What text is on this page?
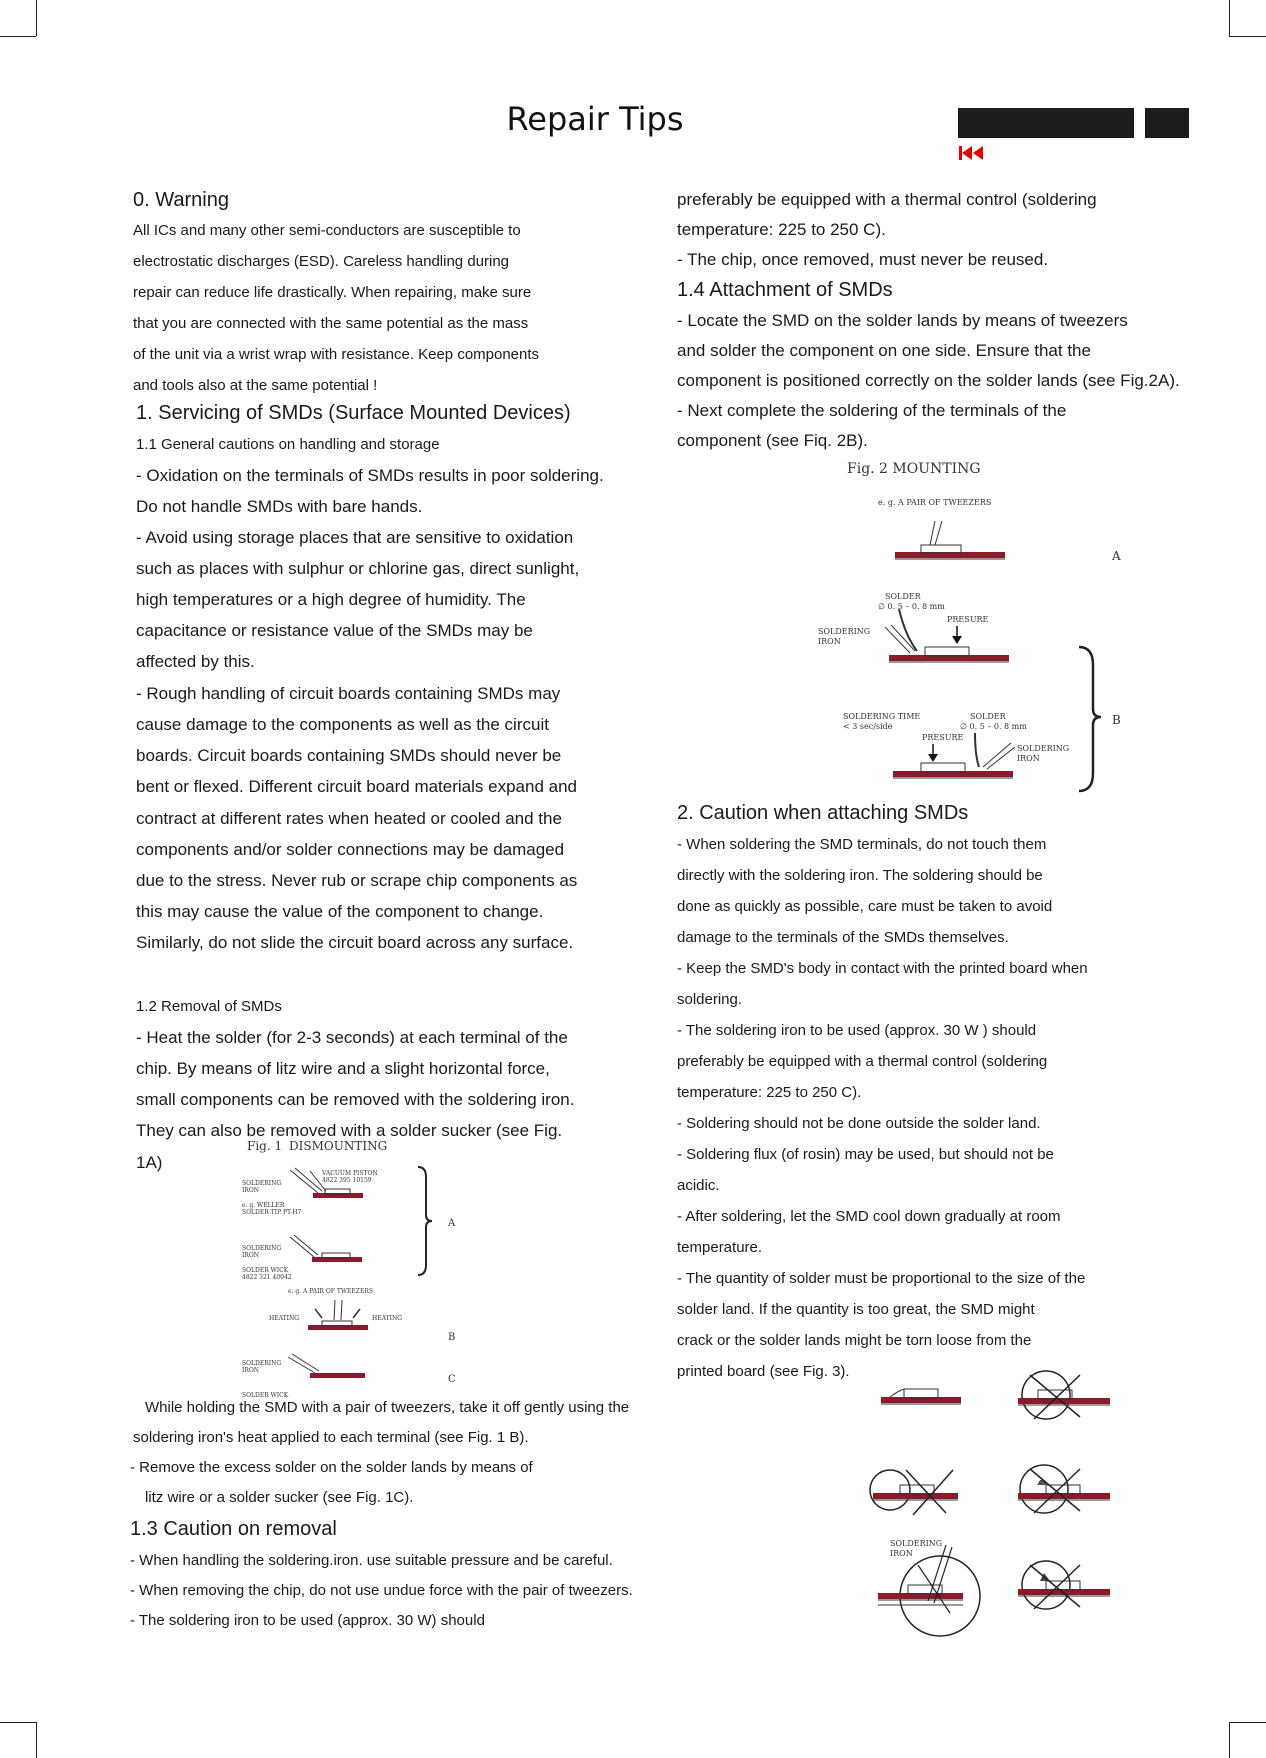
Repair Tips
0. Warning
All ICs and many other semi-conductors are susceptible to
electrostatic discharges (ESD). Careless handling during
repair can reduce life drastically. When repairing, make sure
that you are connected with the same potential as the mass
of the unit via a wrist wrap with resistance. Keep components
and tools also at the same potential !
1. Servicing of SMDs (Surface Mounted Devices)
1.1 General cautions on handling and storage
- Oxidation on the terminals of SMDs results in poor soldering.
Do not handle SMDs with bare hands.
- Avoid using storage places that are sensitive to oxidation
such as places with sulphur or chlorine gas, direct sunlight,
high temperatures or a high degree of humidity. The
capacitance or resistance value of the SMDs may be
affected by this.
- Rough handling of circuit boards containing SMDs may
cause damage to the components as well as the circuit
boards. Circuit boards containing SMDs should never be
bent or flexed. Different circuit board materials expand and
contract at different rates when heated or cooled and the
components and/or solder connections may be damaged
due to the stress. Never rub or scrape chip components as
this may cause the value of the component to change.
Similarly, do not slide the circuit board across any surface.
1.2 Removal of SMDs
- Heat the solder (for 2-3 seconds) at each terminal of the
chip. By means of litz wire and a slight horizontal force,
small components can be removed with the soldering iron.
They can also be removed with a solder sucker (see Fig.
1A)
Fig. 1 DISMOUNTING
VACUUM PISTON
4822 395 10159
SOLDERING
IRON
e. g. WELLER
SOLDER TIP PT-H7
SOLDERING
IRON
SOLDER WICK
4822 321 40042
A
e. g. A PAIR OF TWEEZERS
HEATING	HEATING
B
SOLDERING
IRON
C
SOLDER WICK
While holding the SMD with a pair of tweezers, take it off gently using the
soldering iron's heat applied to each terminal (see Fig. 1 B).
- Remove the excess solder on the solder lands by means of
litz wire or a solder sucker (see Fig. 1C).
1.3 Caution on removal
- When handling the soldering.iron. use suitable pressure and be careful.
- When removing the chip, do not use undue force with the pair of tweezers.
- The soldering iron to be used (approx. 30 W) should
preferably be equipped with a thermal control (soldering
temperature: 225 to 250 C).
- The chip, once removed, must never be reused.
1.4 Attachment of SMDs
- Locate the SMD on the solder lands by means of tweezers
and solder the component on one side. Ensure that the
component is positioned correctly on the solder lands (see Fig.2A).
- Next complete the soldering of the terminals of the
component (see Fiq. 2B).
Fig. 2 MOUNTING
e. g. A PAIR OF TWEEZERS
A
SOLDER
∅ 0. 5 – 0. 8 mm
PRESURE
SOLDERING
IRON
B
SOLDERING TIME
< 3 sec/side
SOLDER
∅ 0. 5 – 0. 8 mm
PRESURE
SOLDERING
IRON
2. Caution when attaching SMDs
- When soldering the SMD terminals, do not touch them
directly with the soldering iron. The soldering should be
done as quickly as possible, care must be taken to avoid
damage to the terminals of the SMDs themselves.
- Keep the SMD's body in contact with the printed board when
soldering.
- The soldering iron to be used (approx. 30 W ) should
preferably be equipped with a thermal control (soldering
temperature: 225 to 250 C).
- Soldering should not be done outside the solder land.
- Soldering flux (of rosin) may be used, but should not be
acidic.
- After soldering, let the SMD cool down gradually at room
temperature.
- The quantity of solder must be proportional to the size of the
solder land. If the quantity is too great, the SMD might
crack or the solder lands might be torn loose from the
printed board (see Fig. 3).
SOLDERING
IRON
